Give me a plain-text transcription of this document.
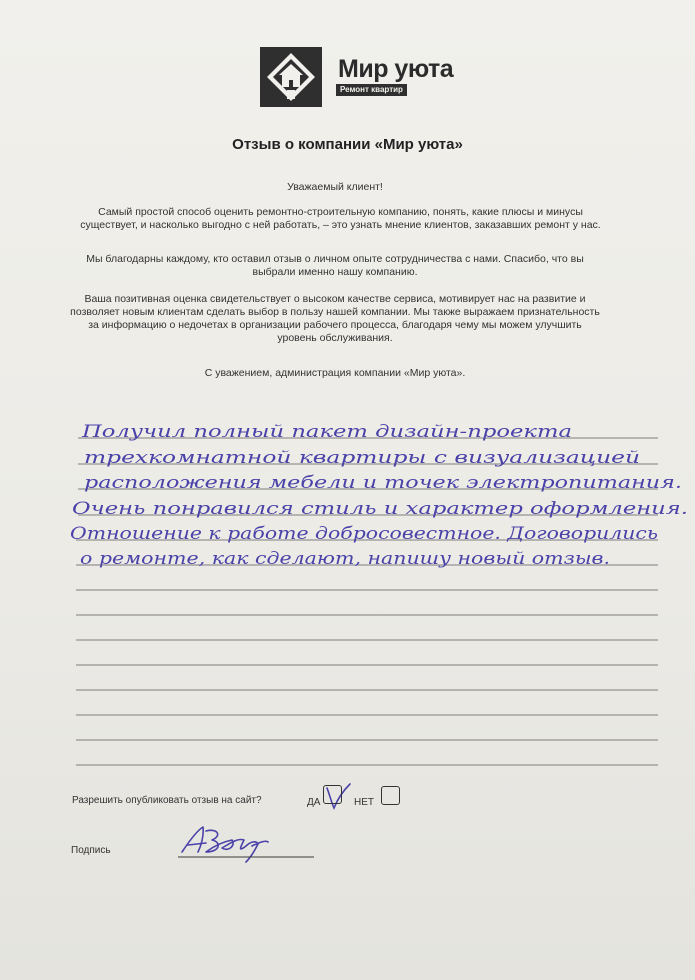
Мир уюта
Ремонт квартир
Отзыв о компании «Мир уюта»
Уважаемый клиент!
Самый простой способ оценить ремонтно-строительную компанию, понять, какие плюсы и минусы существует, и насколько выгодно с ней работать, – это узнать мнение клиентов, заказавших ремонт у нас.
Мы благодарны каждому, кто оставил отзыв о личном опыте сотрудничества с нами. Спасибо, что вы выбрали именно нашу компанию.
Ваша позитивная оценка свидетельствует о высоком качестве сервиса, мотивирует нас на развитие и позволяет новым клиентам сделать выбор в пользу нашей компании. Мы также выражаем признательность за информацию о недочетах в организации рабочего процесса, благодаря чему мы можем улучшить уровень обслуживания.
С уважением, администрация компании «Мир уюта».
Получил полный пакет дизайн-проекта
трехкомнатной квартиры с визуализацией
расположения мебели и точек электропитания.
Очень понравился стиль и характер оформления.
Отношение к работе добросовестное. Договорились
о ремонте, как сделают, напишу новый отзыв.
Разрешить опубликовать отзыв на сайт?	ДА	НЕТ
Подпись
